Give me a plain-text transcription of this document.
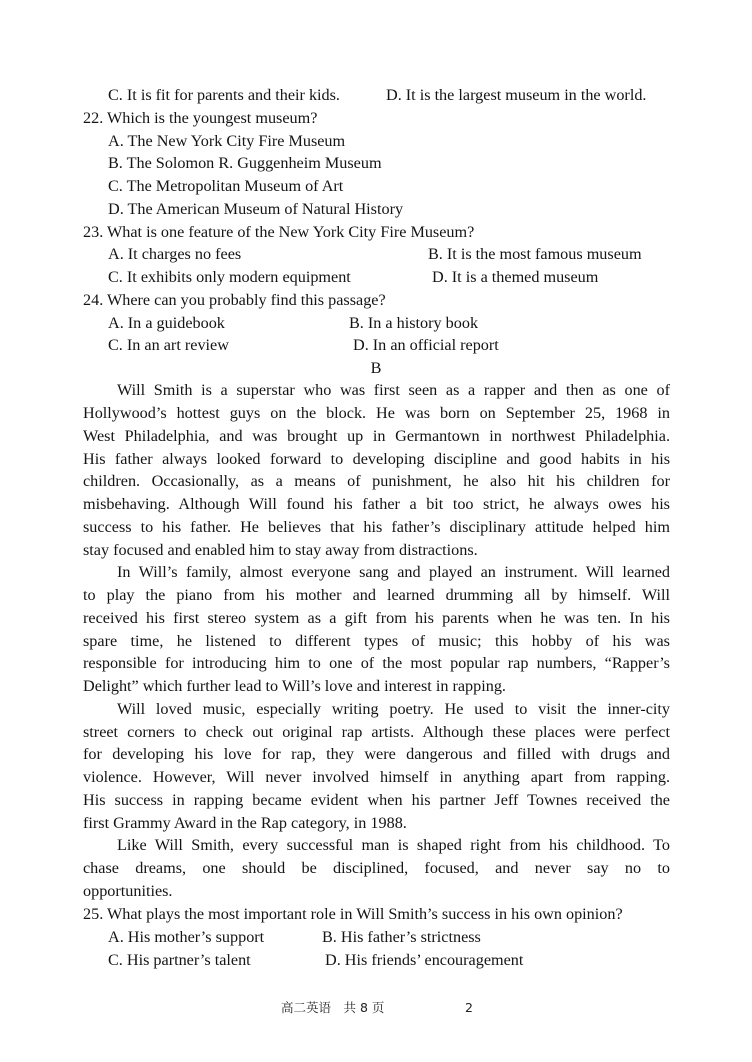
C. It is fit for parents and their kids.	D. It is the largest museum in the world.
22. Which is the youngest museum?
A. The New York City Fire Museum
B. The Solomon R. Guggenheim Museum
C. The Metropolitan Museum of Art
D. The American Museum of Natural History
23. What is one feature of the New York City Fire Museum?
A. It charges no fees	B. It is the most famous museum
C. It exhibits only modern equipment	D. It is a themed museum
24. Where can you probably find this passage?
A. In a guidebook	B. In a history book
C. In an art review	D. In an official report
B
Will Smith is a superstar who was first seen as a rapper and then as one of
Hollywood’s hottest guys on the block. He was born on September 25, 1968 in
West Philadelphia, and was brought up in Germantown in northwest Philadelphia.
His father always looked forward to developing discipline and good habits in his
children. Occasionally, as a means of punishment, he also hit his children for
misbehaving. Although Will found his father a bit too strict, he always owes his
success to his father. He believes that his father’s disciplinary attitude helped him
stay focused and enabled him to stay away from distractions.
In Will’s family, almost everyone sang and played an instrument. Will learned
to play the piano from his mother and learned drumming all by himself. Will
received his first stereo system as a gift from his parents when he was ten. In his
spare time, he listened to different types of music; this hobby of his was
responsible for introducing him to one of the most popular rap numbers, “Rapper’s
Delight” which further lead to Will’s love and interest in rapping.
Will loved music, especially writing poetry. He used to visit the inner-city
street corners to check out original rap artists. Although these places were perfect
for developing his love for rap, they were dangerous and filled with drugs and
violence. However, Will never involved himself in anything apart from rapping.
His success in rapping became evident when his partner Jeff Townes received the
first Grammy Award in the Rap category, in 1988.
Like Will Smith, every successful man is shaped right from his childhood. To
chase dreams, one should be disciplined, focused, and never say no to
opportunities.
25. What plays the most important role in Will Smith’s success in his own opinion?
A. His mother’s support	B. His father’s strictness
C. His partner’s talent	D. His friends’ encouragement
高二英语　共 8 页	2
